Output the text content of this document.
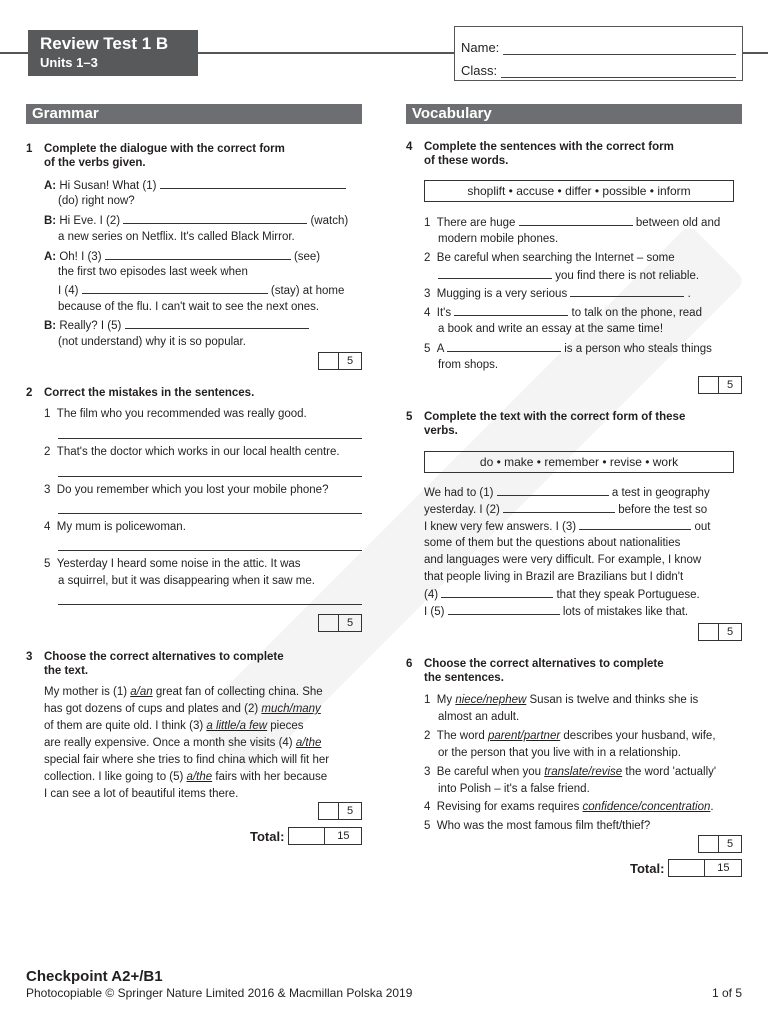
Review Test 1 B
Units 1–3
Name:
Class:
Grammar	Vocabulary
1 Complete the dialogue with the correct form
of the verbs given.
A: Hi Susan! What (1)
(do) right now?
B: Hi Eve. I (2)	(watch)
a new series on Netflix. It's called Black Mirror.
A: Oh! I (3)	(see)
the first two episodes last week when
I (4)	(stay) at home
because of the flu. I can't wait to see the next ones.
B: Really? I (5)
(not understand) why it is so popular.
5
2 Correct the mistakes in the sentences.
1 The film who you recommended was really good.
2 That's the doctor which works in our local health centre.
3 Do you remember which you lost your mobile phone?
4 My mum is policewoman.
5 Yesterday I heard some noise in the attic. It was
a squirrel, but it was disappearing when it saw me.
5
3 Choose the correct alternatives to complete
the text.
My mother is (1) a/an great fan of collecting china. She
has got dozens of cups and plates and (2) much/many
of them are quite old. I think (3) a little/a few pieces
are really expensive. Once a month she visits (4) a/the
special fair where she tries to find china which will fit her
collection. I like going to (5) a/the fairs with her because
I can see a lot of beautiful items there.
5
Total:	15
4 Complete the sentences with the correct form
of these words.
shoplift • accuse • differ • possible • inform
1 There are huge	between old and
modern mobile phones.
2 Be careful when searching the Internet – some
you find there is not reliable.
3 Mugging is a very serious	.
4 It's	to talk on the phone, read
a book and write an essay at the same time!
5 A	is a person who steals things
from shops.
5
5 Complete the text with the correct form of these
verbs.
do • make • remember • revise • work
We had to (1)	a test in geography
yesterday. I (2)	before the test so
I knew very few answers. I (3)	out
some of them but the questions about nationalities
and languages were very difficult. For example, I know
that people living in Brazil are Brazilians but I didn't
(4)	that they speak Portuguese.
I (5)	lots of mistakes like that.
5
6 Choose the correct alternatives to complete
the sentences.
1 My niece/nephew Susan is twelve and thinks she is
almost an adult.
2 The word parent/partner describes your husband, wife,
or the person that you live with in a relationship.
3 Be careful when you translate/revise the word 'actually'
into Polish – it's a false friend.
4 Revising for exams requires confidence/concentration.
5 Who was the most famous film theft/thief?
5
Total:	15
Checkpoint A2+/B1
Photocopiable © Springer Nature Limited 2016 & Macmillan Polska 2019	1 of 5
